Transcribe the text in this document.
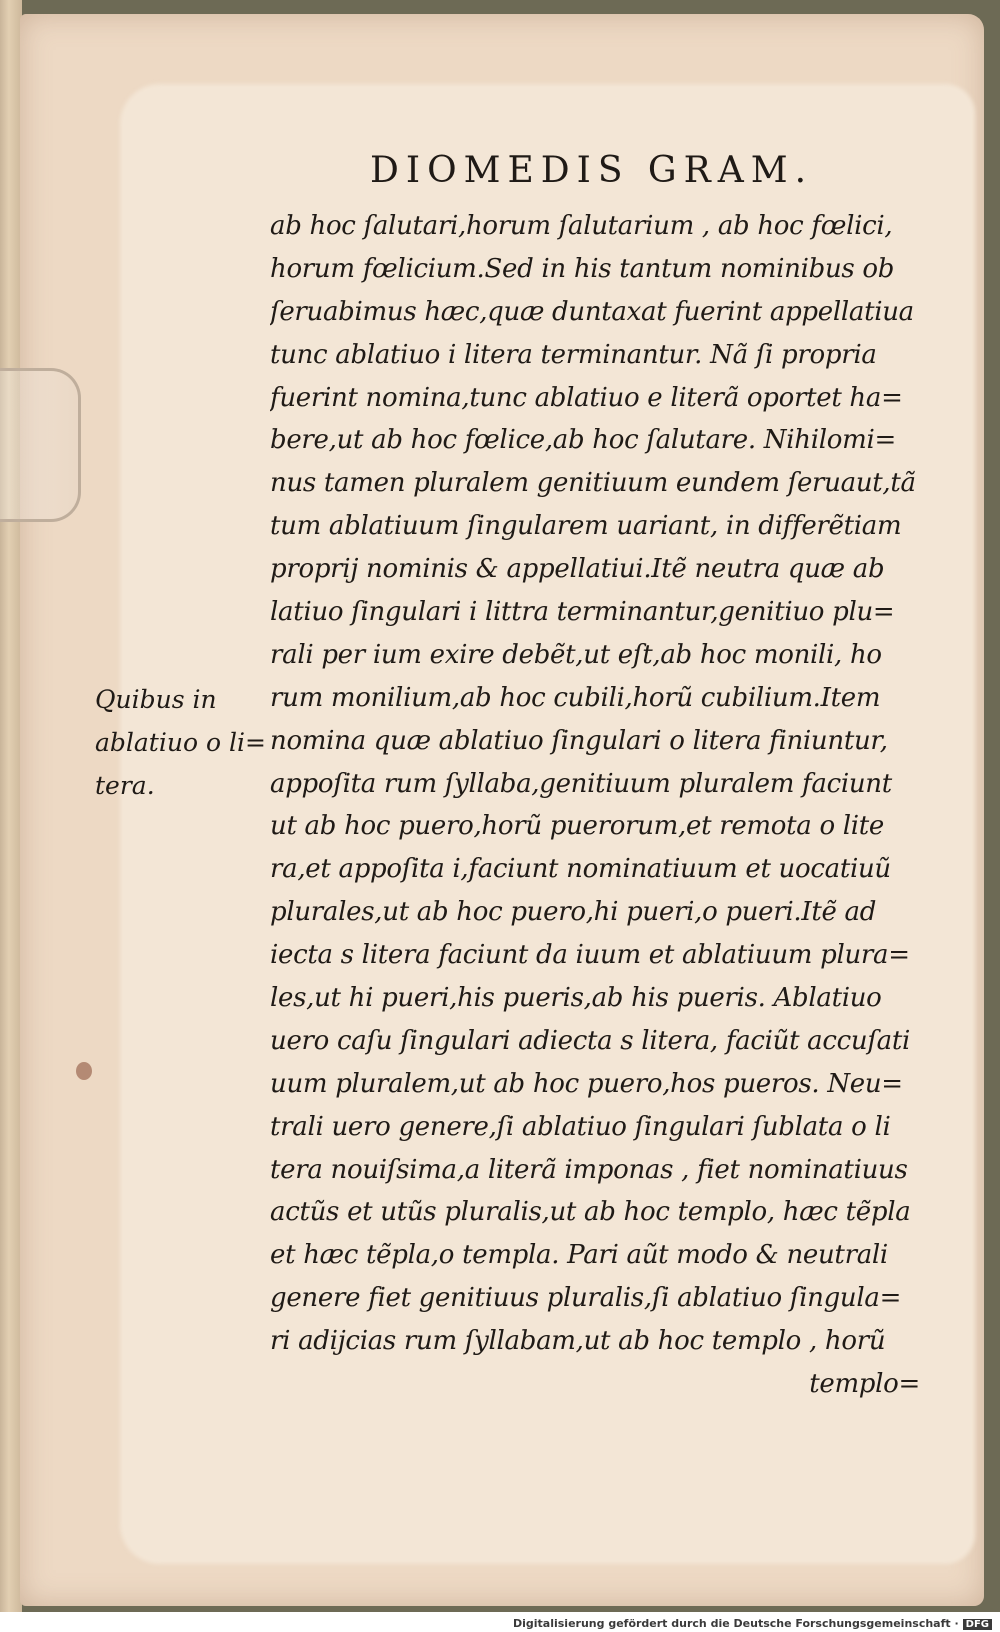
DIOMEDIS GRAM.
ab hoc ſalutari,horum ſalutarium , ab hoc fœlici,
horum fœlicium.Sed in his tantum nominibus ob
ſeruabimus hæc,quæ duntaxat fuerint appellatiua
tunc ablatiuo i litera terminantur. Nã ſi propria
fuerint nomina,tunc ablatiuo e literã oportet ha=
bere,ut ab hoc fœlice,ab hoc ſalutare. Nihilomi=
nus tamen pluralem genitiuum eundem ſeruaut,tã
tum ablatiuum ſingularem uariant, in differẽtiam
proprij nominis & appellatiui.Itẽ neutra quæ ab
latiuo ſingulari i littra terminantur,genitiuo plu=
rali per ium exire debẽt,ut eſt,ab hoc monili, ho
rum monilium,ab hoc cubili,horũ cubilium.Item
nomina quæ ablatiuo ſingulari o litera finiuntur,
appoſita rum ſyllaba,genitiuum pluralem faciunt
ut ab hoc puero,horũ puerorum,et remota o lite
ra,et appoſita i,faciunt nominatiuum et uocatiuũ
plurales,ut ab hoc puero,hi pueri,o pueri.Itẽ ad
iecta s litera faciunt da iuum et ablatiuum plura=
les,ut hi pueri,his pueris,ab his pueris. Ablatiuo
uero caſu ſingulari adiecta s litera, faciũt accuſati
uum pluralem,ut ab hoc puero,hos pueros. Neu=
trali uero genere,ſi ablatiuo ſingulari ſublata o li
tera nouiſsima,a literã imponas , fiet nominatiuus
actũs et utũs pluralis,ut ab hoc templo, hæc tẽpla
et hæc tẽpla,o templa. Pari aũt modo & neutrali
genere fiet genitiuus pluralis,ſi ablatiuo ſingula=
ri adijcias rum ſyllabam,ut ab hoc templo , horũ
templo=
Quibus in
ablatiuo o li=
tera.
Digitalisierung gefördert durch die Deutsche Forschungsgemeinschaft · DFG
